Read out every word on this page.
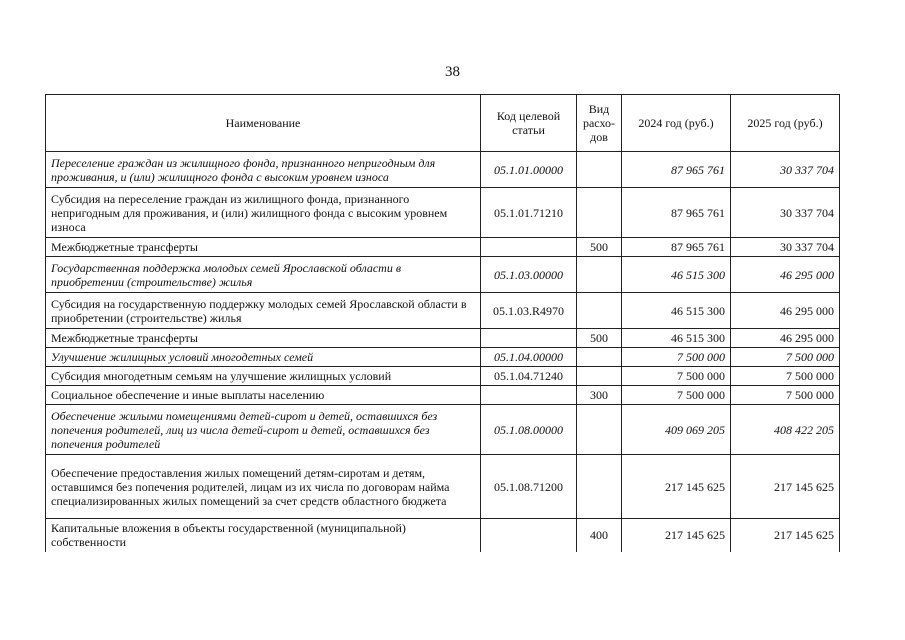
38
Наименование	Код целевой статьи	Вид расхо-дов	2024 год (руб.)	2025 год (руб.)
Переселение граждан из жилищного фонда, признанного непригодным для проживания, и (или) жилищного фонда с высоким уровнем износа	05.1.01.00000		87 965 761	30 337 704
Субсидия на переселение граждан из жилищного фонда, признанного непригодным для проживания, и (или) жилищного фонда с высоким уровнем износа	05.1.01.71210		87 965 761	30 337 704
Межбюджетные трансферты		500	87 965 761	30 337 704
Государственная поддержка молодых семей Ярославской области в приобретении (строительстве) жилья	05.1.03.00000		46 515 300	46 295 000
Субсидия на государственную поддержку молодых семей Ярославской области в приобретении (строительстве) жилья	05.1.03.R4970		46 515 300	46 295 000
Межбюджетные трансферты		500	46 515 300	46 295 000
Улучшение жилищных условий многодетных семей	05.1.04.00000		7 500 000	7 500 000
Субсидия многодетным семьям на улучшение жилищных условий	05.1.04.71240		7 500 000	7 500 000
Социальное обеспечение и иные выплаты населению		300	7 500 000	7 500 000
Обеспечение жилыми помещениями детей-сирот и детей, оставшихся без попечения родителей, лиц из числа детей-сирот и детей, оставшихся без попечения родителей	05.1.08.00000		409 069 205	408 422 205
Обеспечение предоставления жилых помещений детям-сиротам и детям, оставшимся без попечения родителей, лицам из их числа по договорам найма специализированных жилых помещений за счет средств областного бюджета	05.1.08.71200		217 145 625	217 145 625
Капитальные вложения в объекты государственной (муниципальной) собственности		400	217 145 625	217 145 625
